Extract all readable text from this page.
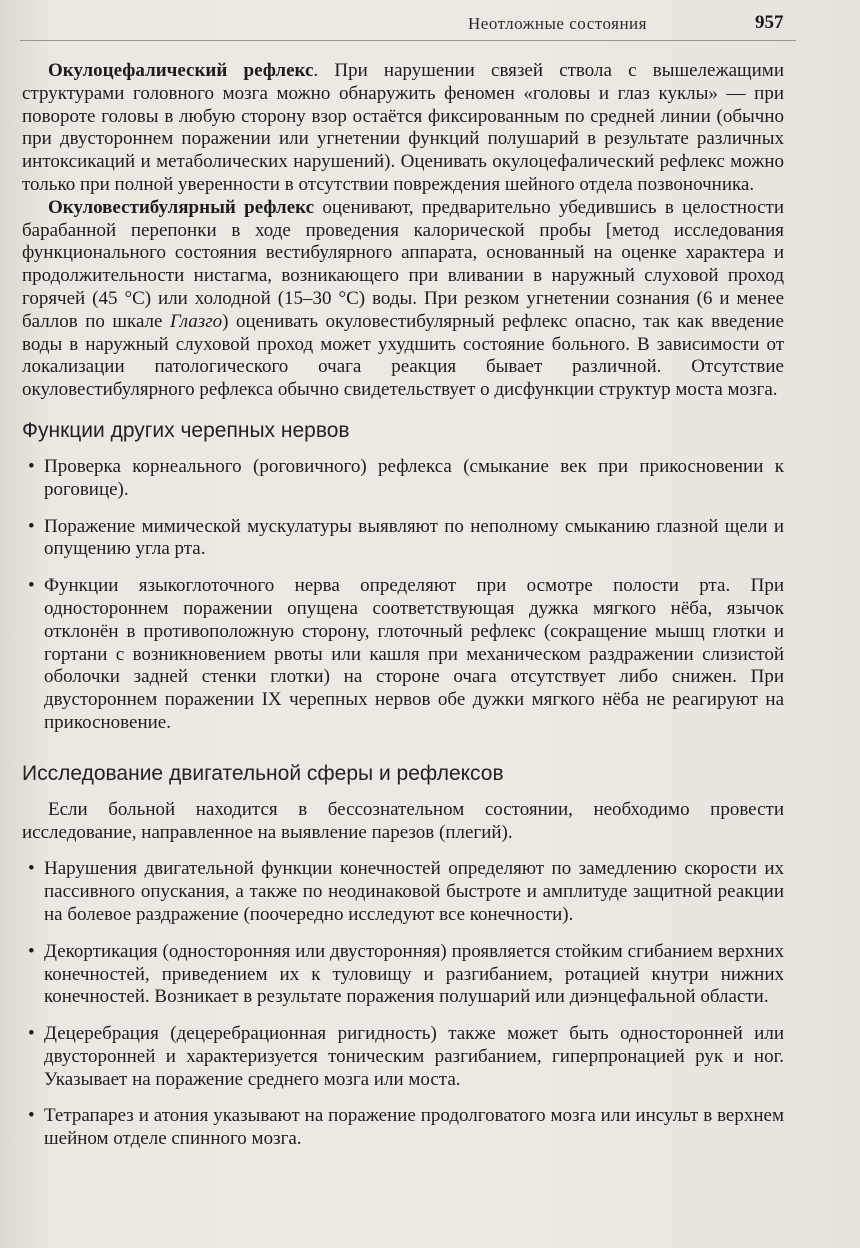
Неотложные состояния	957

Окулоцефалический рефлекс. При нарушении связей ствола с вышележащими структурами головного мозга можно обнаружить феномен «головы и глаз куклы» — при повороте головы в любую сторону взор остаётся фиксированным по средней линии (обычно при двустороннем поражении или угнетении функций полушарий в результате различных интоксикаций и метаболических нарушений). Оценивать окулоцефалический рефлекс можно только при полной уверенности в отсутствии повреждения шейного отдела позвоночника.

Окуловестибулярный рефлекс оценивают, предварительно убедившись в целостности барабанной перепонки в ходе проведения калорической пробы [метод исследования функционального состояния вестибулярного аппарата, основанный на оценке характера и продолжительности нистагма, возникающего при вливании в наружный слуховой проход горячей (45 °С) или холодной (15–30 °С) воды. При резком угнетении сознания (6 и менее баллов по шкале Глазго) оценивать окуловестибулярный рефлекс опасно, так как введение воды в наружный слуховой проход может ухудшить состояние больного. В зависимости от локализации патологического очага реакция бывает различной. Отсутствие окуловестибулярного рефлекса обычно свидетельствует о дисфункции структур моста мозга.

Функции других черепных нервов
• Проверка корнеального (роговичного) рефлекса (смыкание век при прикосновении к роговице).
• Поражение мимической мускулатуры выявляют по неполному смыканию глазной щели и опущению угла рта.
• Функции языкоглоточного нерва определяют при осмотре полости рта. При одностороннем поражении опущена соответствующая дужка мягкого нёба, язычок отклонён в противоположную сторону, глоточный рефлекс (сокращение мышц глотки и гортани с возникновением рвоты или кашля при механическом раздражении слизистой оболочки задней стенки глотки) на стороне очага отсутствует либо снижен. При двустороннем поражении IX черепных нервов обе дужки мягкого нёба не реагируют на прикосновение.
Исследование двигательной сферы и рефлексов

Если больной находится в бессознательном состоянии, необходимо провести исследование, направленное на выявление парезов (плегий).

• Нарушения двигательной функции конечностей определяют по замедлению скорости их пассивного опускания, а также по неодинаковой быстроте и амплитуде защитной реакции на болевое раздражение (поочередно исследуют все конечности).
• Декортикация (односторонняя или двусторонняя) проявляется стойким сгибанием верхних конечностей, приведением их к туловищу и разгибанием, ротацией кнутри нижних конечностей. Возникает в результате поражения полушарий или диэнцефальной области.
• Децеребрация (децеребрационная ригидность) также может быть односторонней или двусторонней и характеризуется тоническим разгибанием, гиперпронацией рук и ног. Указывает на поражение среднего мозга или моста.
• Тетрапарез и атония указывают на поражение продолговатого мозга или инсульт в верхнем шейном отделе спинного мозга.
